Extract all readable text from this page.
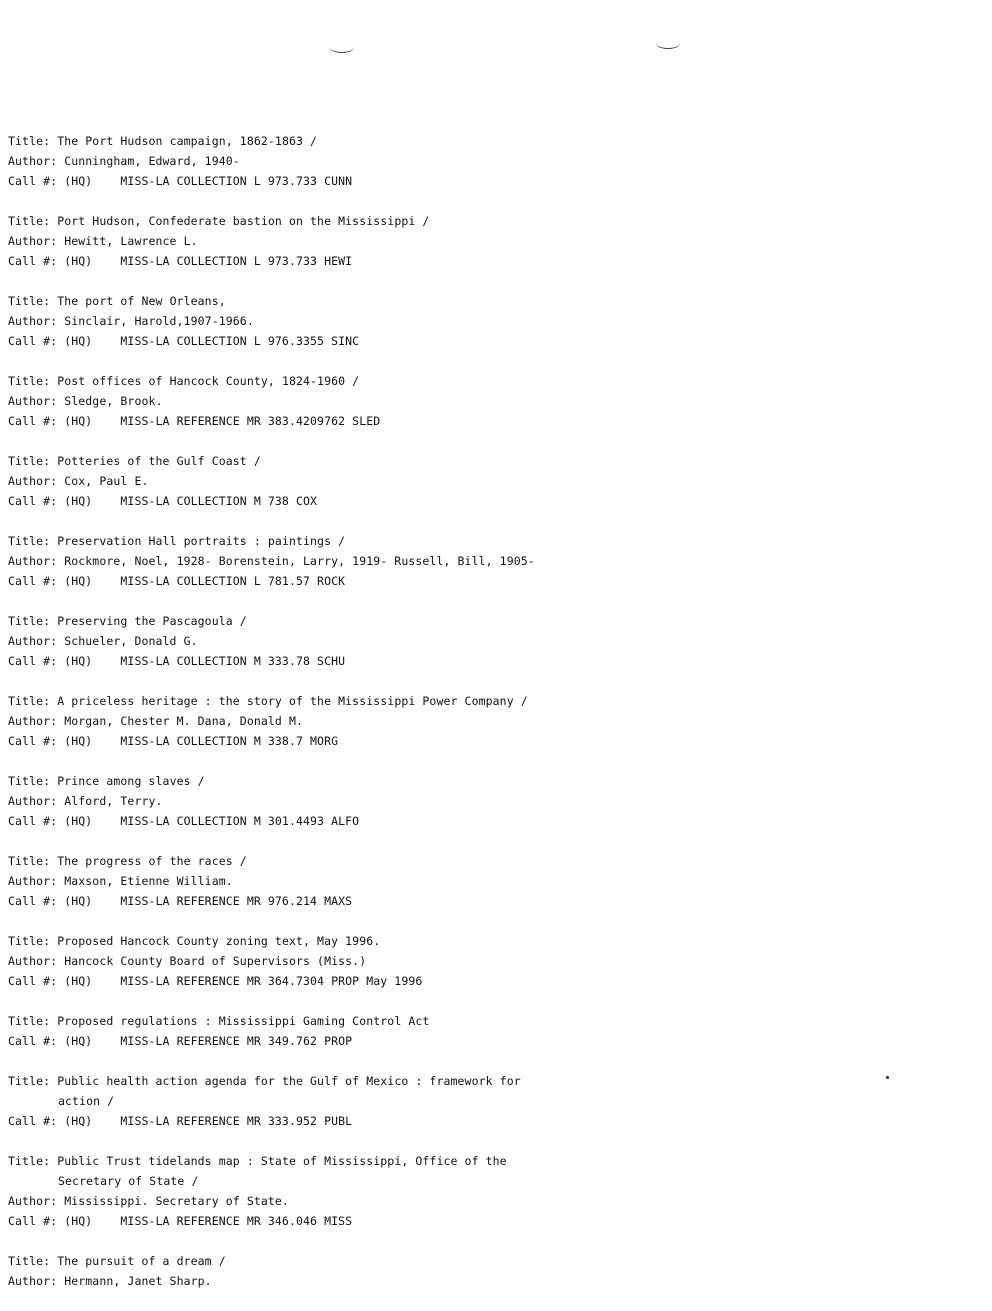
Title: The Port Hudson campaign, 1862-1863 /
Author: Cunningham, Edward, 1940-
Call #: (HQ)    MISS-LA COLLECTION L 973.733 CUNN
Title: Port Hudson, Confederate bastion on the Mississippi /
Author: Hewitt, Lawrence L.
Call #: (HQ)    MISS-LA COLLECTION L 973.733 HEWI
Title: The port of New Orleans,
Author: Sinclair, Harold,1907-1966.
Call #: (HQ)    MISS-LA COLLECTION L 976.3355 SINC
Title: Post offices of Hancock County, 1824-1960 /
Author: Sledge, Brook.
Call #: (HQ)    MISS-LA REFERENCE MR 383.4209762 SLED
Title: Potteries of the Gulf Coast /
Author: Cox, Paul E.
Call #: (HQ)    MISS-LA COLLECTION M 738 COX
Title: Preservation Hall portraits : paintings /
Author: Rockmore, Noel, 1928- Borenstein, Larry, 1919- Russell, Bill, 1905-
Call #: (HQ)    MISS-LA COLLECTION L 781.57 ROCK
Title: Preserving the Pascagoula /
Author: Schueler, Donald G.
Call #: (HQ)    MISS-LA COLLECTION M 333.78 SCHU
Title: A priceless heritage : the story of the Mississippi Power Company /
Author: Morgan, Chester M. Dana, Donald M.
Call #: (HQ)    MISS-LA COLLECTION M 338.7 MORG
Title: Prince among slaves /
Author: Alford, Terry.
Call #: (HQ)    MISS-LA COLLECTION M 301.4493 ALFO
Title: The progress of the races /
Author: Maxson, Etienne William.
Call #: (HQ)    MISS-LA REFERENCE MR 976.214 MAXS
Title: Proposed Hancock County zoning text, May 1996.
Author: Hancock County Board of Supervisors (Miss.)
Call #: (HQ)    MISS-LA REFERENCE MR 364.7304 PROP May 1996
Title: Proposed regulations : Mississippi Gaming Control Act
Call #: (HQ)    MISS-LA REFERENCE MR 349.762 PROP
Title: Public health action agenda for the Gulf of Mexico : framework for
action /
Call #: (HQ)    MISS-LA REFERENCE MR 333.952 PUBL
Title: Public Trust tidelands map : State of Mississippi, Office of the
Secretary of State /
Author: Mississippi. Secretary of State.
Call #: (HQ)    MISS-LA REFERENCE MR 346.046 MISS
Title: The pursuit of a dream /
Author: Hermann, Janet Sharp.
